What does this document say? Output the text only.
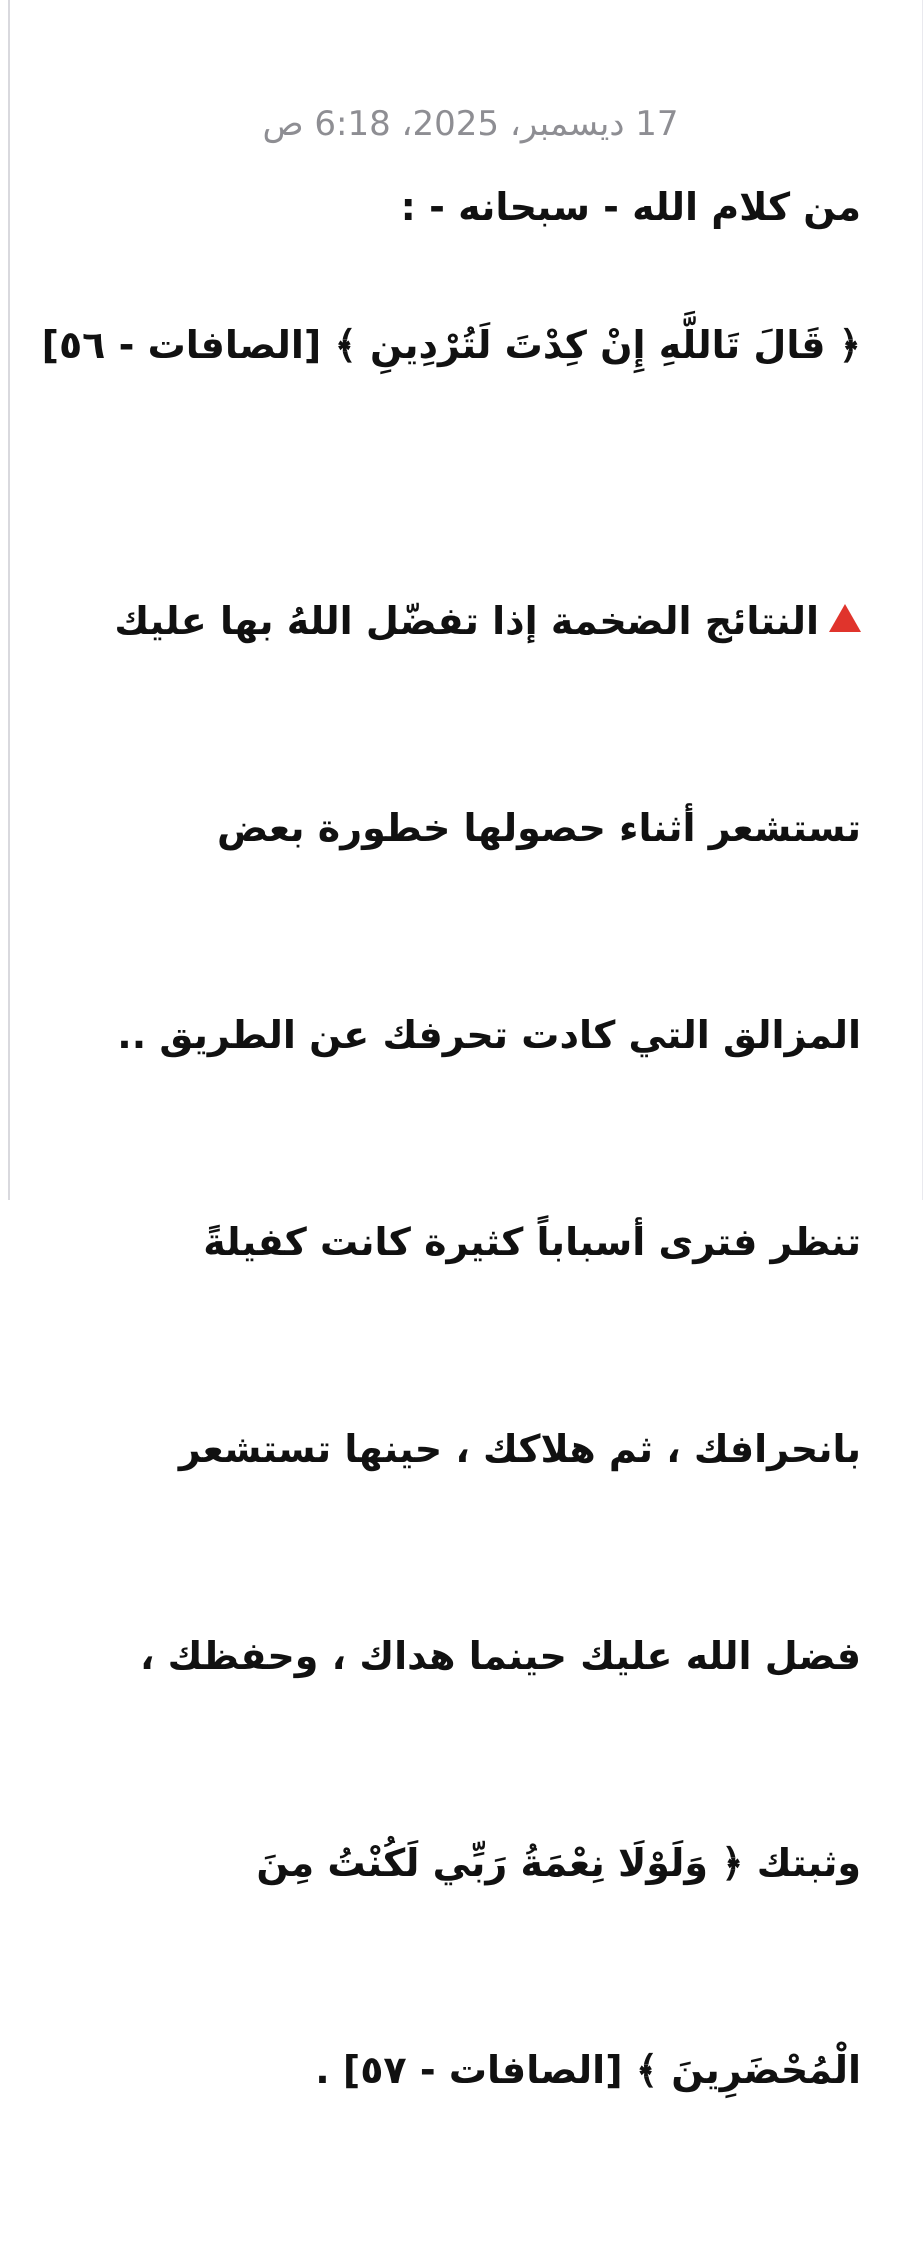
17 ديسمبر، 2025، 6:18 ص

من كلام الله - سبحانه - :

﴿ قَالَ تَاللَّهِ إِنْ كِدْتَ لَتُرْدِينِ ﴾ [الصافات - ٥٦]

النتائج الضخمة إذا تفضّل اللهُ بها عليك

تستشعر أثناء حصولها خطورة بعض

المزالق التي كادت تحرفك عن الطريق ..

تنظر فترى أسباباً كثيرة كانت كفيلةً

بانحرافك ، ثم هلاكك ، حينها تستشعر

فضل الله عليك حينما هداك ، وحفظك ،

وثبتك ﴿ وَلَوْلَا نِعْمَةُ رَبِّي لَكُنْتُ مِنَ

الْمُحْضَرِينَ ﴾ [الصافات - ٥٧] .
